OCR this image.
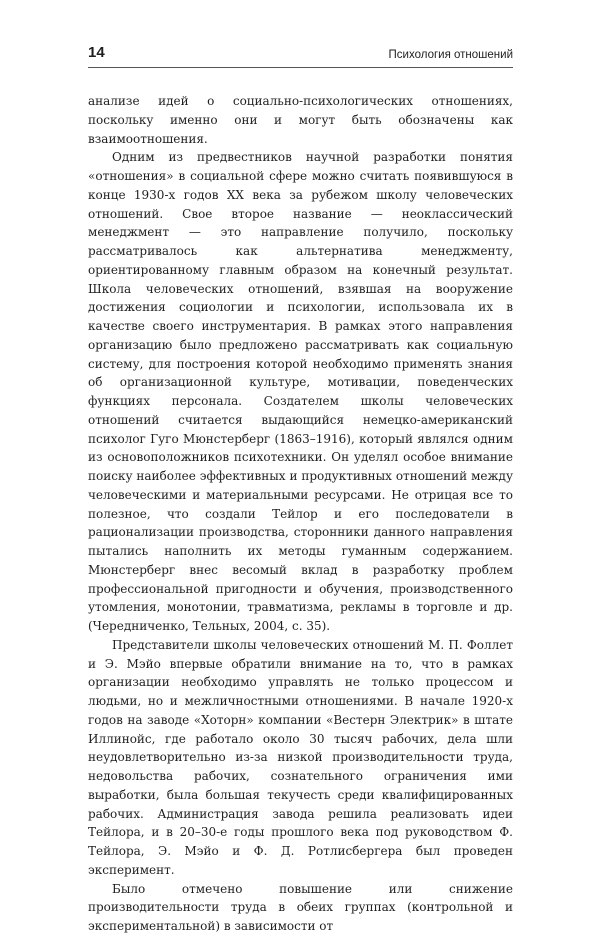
14	Психология отношений

анализе идей о социально-психологических отношениях, поскольку именно они и могут быть обозначены как взаимоотношения.

Одним из предвестников научной разработки понятия «отношения» в социальной сфере можно считать появившуюся в конце 1930-х годов XX века за рубежом школу человеческих отношений. Свое второе название — неоклассический менеджмент — это направление получило, поскольку рассматривалось как альтернатива менеджменту, ориентированному главным образом на конечный результат. Школа человеческих отношений, взявшая на вооружение достижения социологии и психологии, использовала их в качестве своего инструментария. В рамках этого направления организацию было предложено рассматривать как социальную систему, для построения которой необходимо применять знания об организационной культуре, мотивации, поведенческих функциях персонала. Создателем школы человеческих отношений считается выдающийся немецко-американский психолог Гуго Мюнстерберг (1863–1916), который являлся одним из основоположников психотехники. Он уделял особое внимание поиску наиболее эффективных и продуктивных отношений между человеческими и материальными ресурсами. Не отрицая все то полезное, что создали Тейлор и его последователи в рационализации производства, сторонники данного направления пытались наполнить их методы гуманным содержанием. Мюнстерберг внес весомый вклад в разработку проблем профессиональной пригодности и обучения, производственного утомления, монотонии, травматизма, рекламы в торговле и др. (Чередниченко, Тельных, 2004, с. 35).

Представители школы человеческих отношений М. П. Фоллет и Э. Мэйо впервые обратили внимание на то, что в рамках организации необходимо управлять не только процессом и людьми, но и межличностными отношениями. В начале 1920-х годов на заводе «Хоторн» компании «Вестерн Электрик» в штате Иллинойс, где работало около 30 тысяч рабочих, дела шли неудовлетворительно из-за низкой производительности труда, недовольства рабочих, сознательного ограничения ими выработки, была большая текучесть среди квалифицированных рабочих. Администрация завода решила реализовать идеи Тейлора, и в 20–30-е годы прошлого века под руководством Ф. Тейлора, Э. Мэйо и Ф. Д. Ротлисбергера был проведен эксперимент.

Было отмечено повышение или снижение производительности труда в обеих группах (контрольной и экспериментальной) в зависимости от
